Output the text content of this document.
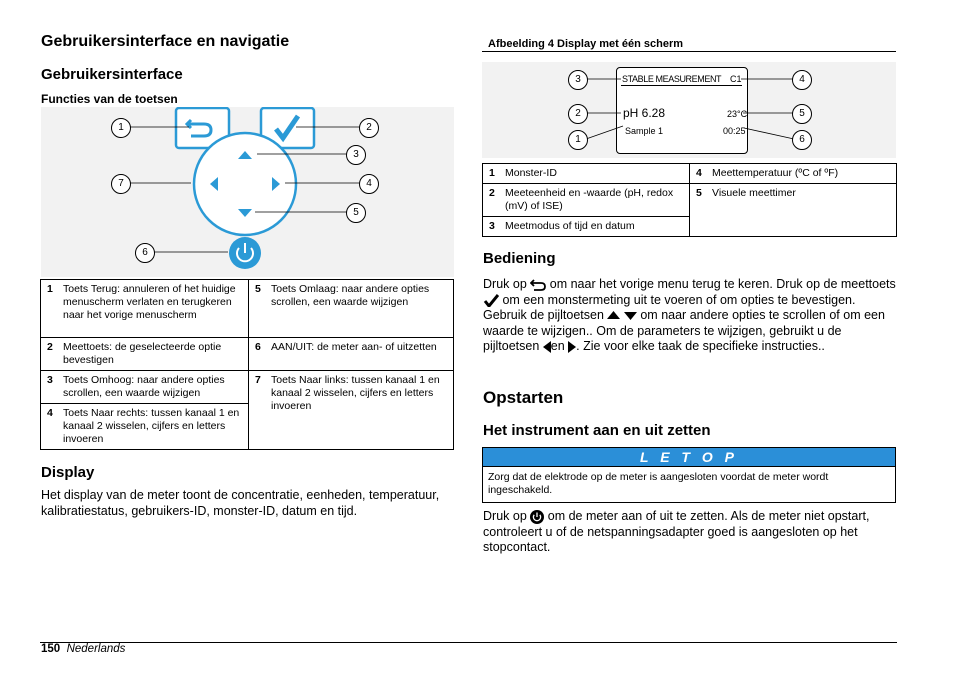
Gebruikersinterface en navigatie
Gebruikersinterface
Functies van de toetsen
1	2
3
4
5
6
7
1 Toets Terug: annuleren of het huidige menuscherm verlaten en terugkeren naar het vorige menuscherm	5 Toets Omlaag: naar andere opties scrollen, een waarde wijzigen

2 Meettoets: de geselecteerde optie bevestigen	6 AAN/UIT: de meter aan- of uitzetten

3 Toets Omhoog: naar andere opties scrollen, een waarde wijzigen	7 Toets Naar links: tussen kanaal 1 en kanaal 2 wisselen, cijfers en letters invoeren

4 Toets Naar rechts: tussen kanaal 1 en kanaal 2 wisselen, cijfers en letters invoeren	
Display

Het display van de meter toont de concentratie, eenheden, temperatuur, kalibratiestatus, gebruikers-ID, monster-ID, datum en tijd.

Afbeelding 4 Display met één scherm
STABLE MEASUREMENT C1
pH 6.28	23°C
Sample 1	00:25
3
2
1
4
5
6
1 Monster-ID	4 Meettemperatuur (ºC of ºF)

2 Meeteenheid en -waarde (pH, redox (mV) of ISE)	5 Visuele meettimer

3 Meetmodus of tijd en datum	
Bediening
Druk op om naar het vorige menu terug te keren. Druk op de meettoets  om een monstermeting uit te voeren of om opties te bevestigen. Gebruik de pijltoetsen	om naar andere opties te scrollen of om een waarde te wijzigen.. Om de parameters te wijzigen, gebruikt u de pijltoetsen en . Zie voor elke taak de specifieke instructies..
Opstarten
Het instrument aan en uit zetten
L E T O P
Zorg dat de elektrode op de meter is aangesloten voordat de meter wordt ingeschakeld.
Druk op om de meter aan of uit te zetten. Als de meter niet opstart, controleert u of de netspanningsadapter goed is aangesloten op het stopcontact.
150 Nederlands
